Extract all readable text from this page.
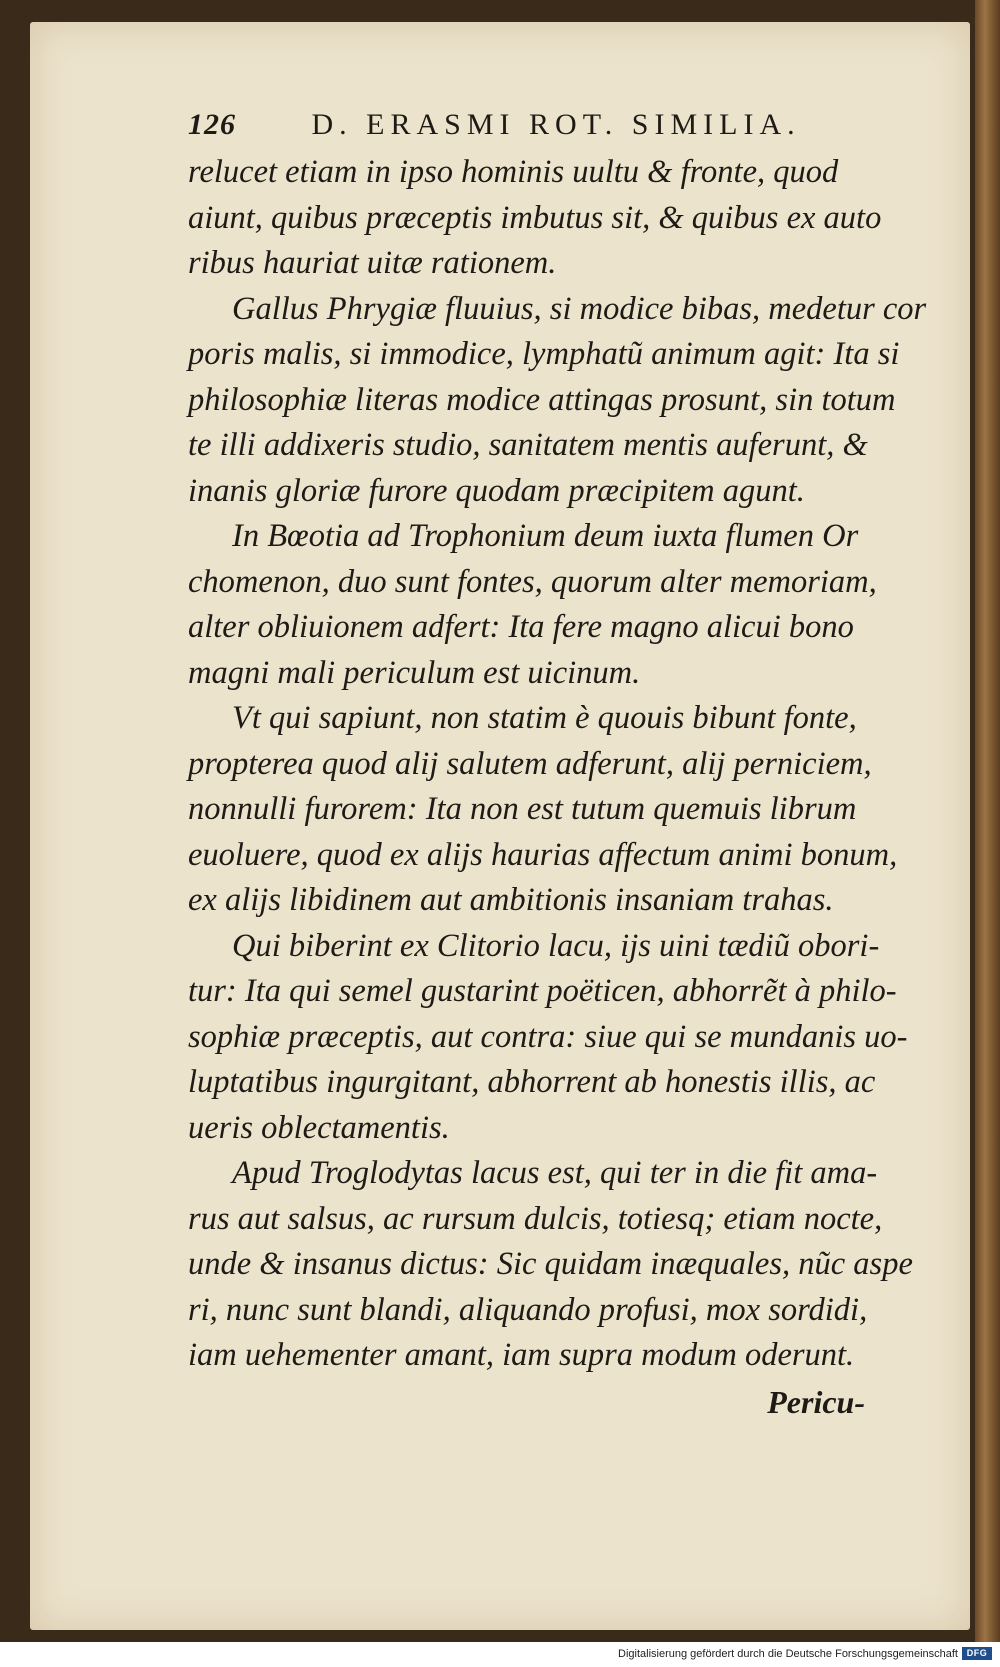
126	D. ERASMI ROT. SIMILIA.
relucet etiam in ipso hominis uultu & fronte, quod
aiunt, quibus præceptis imbutus sit, & quibus ex auto
ribus hauriat uitæ rationem.
Gallus Phrygiæ fluuius, si modice bibas, medetur cor
poris malis, si immodice, lymphatũ animum agit: Ita si
philosophiæ literas modice attingas prosunt, sin totum
te illi addixeris studio, sanitatem mentis auferunt, &
inanis gloriæ furore quodam præcipitem agunt.
In Bœotia ad Trophonium deum iuxta flumen Or
chomenon, duo sunt fontes, quorum alter memoriam,
alter obliuionem adfert: Ita fere magno alicui bono
magni mali periculum est uicinum.
Vt qui sapiunt, non statim è quouis bibunt fonte,
propterea quod alij salutem adferunt, alij perniciem,
nonnulli furorem: Ita non est tutum quemuis librum
euoluere, quod ex alijs haurias affectum animi bonum,
ex alijs libidinem aut ambitionis insaniam trahas.
Qui biberint ex Clitorio lacu, ijs uini tædiũ obori-
tur: Ita qui semel gustarint poëticen, abhorrẽt à philo-
sophiæ præceptis, aut contra: siue qui se mundanis uo-
luptatibus ingurgitant, abhorrent ab honestis illis, ac
ueris oblectamentis.
Apud Troglodytas lacus est, qui ter in die fit ama-
rus aut salsus, ac rursum dulcis, totiesq; etiam nocte,
unde & insanus dictus: Sic quidam inæquales, nũc aspe
ri, nunc sunt blandi, aliquando profusi, mox sordidi,
iam uehementer amant, iam supra modum oderunt.
Pericu-
Digitalisierung gefördert durch die Deutsche Forschungsgemeinschaft DFG
